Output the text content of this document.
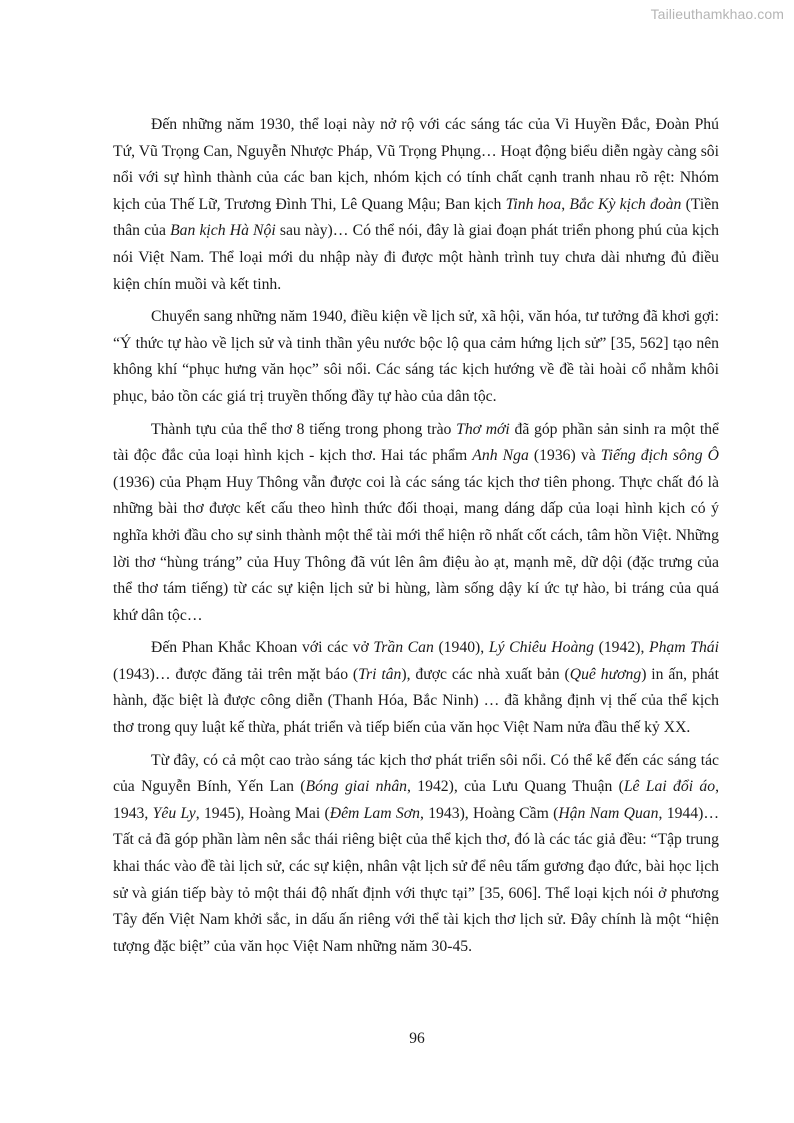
Tailieuthamkhao.com

Đến những năm 1930, thể loại này nở rộ với các sáng tác của Vi Huyền Đắc, Đoàn Phú Tứ, Vũ Trọng Can, Nguyễn Nhược Pháp, Vũ Trọng Phụng… Hoạt động biểu diễn ngày càng sôi nổi với sự hình thành của các ban kịch, nhóm kịch có tính chất cạnh tranh nhau rõ rệt: Nhóm kịch của Thế Lữ, Trương Đình Thi, Lê Quang Mậu; Ban kịch Tinh hoa, Bắc Kỳ kịch đoàn (Tiền thân của Ban kịch Hà Nội sau này)… Có thể nói, đây là giai đoạn phát triển phong phú của kịch nói Việt Nam. Thể loại mới du nhập này đi được một hành trình tuy chưa dài nhưng đủ điều kiện chín muồi và kết tinh.

Chuyển sang những năm 1940, điều kiện về lịch sử, xã hội, văn hóa, tư tưởng đã khơi gợi: “Ý thức tự hào về lịch sử và tinh thần yêu nước bộc lộ qua cảm hứng lịch sử” [35, 562] tạo nên không khí “phục hưng văn học” sôi nổi. Các sáng tác kịch hướng về đề tài hoài cổ nhằm khôi phục, bảo tồn các giá trị truyền thống đầy tự hào của dân tộc.

Thành tựu của thể thơ 8 tiếng trong phong trào Thơ mới đã góp phần sản sinh ra một thể tài độc đắc của loại hình kịch - kịch thơ. Hai tác phẩm Anh Nga (1936) và Tiếng địch sông Ô (1936) của Phạm Huy Thông vẫn được coi là các sáng tác kịch thơ tiên phong. Thực chất đó là những bài thơ được kết cấu theo hình thức đối thoại, mang dáng dấp của loại hình kịch có ý nghĩa khởi đầu cho sự sinh thành một thể tài mới thể hiện rõ nhất cốt cách, tâm hồn Việt. Những lời thơ “hùng tráng” của Huy Thông đã vút lên âm điệu ào ạt, mạnh mẽ, dữ dội (đặc trưng của thể thơ tám tiếng) từ các sự kiện lịch sử bi hùng, làm sống dậy kí ức tự hào, bi tráng của quá khứ dân tộc…

Đến Phan Khắc Khoan với các vở Trần Can (1940), Lý Chiêu Hoàng (1942), Phạm Thái (1943)… được đăng tải trên mặt báo (Tri tân), được các nhà xuất bản (Quê hương) in ấn, phát hành, đặc biệt là được công diễn (Thanh Hóa, Bắc Ninh) … đã khẳng định vị thế của thể kịch thơ trong quy luật kế thừa, phát triển và tiếp biến của văn học Việt Nam nửa đầu thế kỷ XX.

Từ đây, có cả một cao trào sáng tác kịch thơ phát triển sôi nổi. Có thể kể đến các sáng tác của Nguyễn Bính, Yến Lan (Bóng giai nhân, 1942), của Lưu Quang Thuận (Lê Lai đổi áo, 1943, Yêu Ly, 1945), Hoàng Mai (Đêm Lam Sơn, 1943), Hoàng Cầm (Hận Nam Quan, 1944)… Tất cả đã góp phần làm nên sắc thái riêng biệt của thể kịch thơ, đó là các tác giả đều: “Tập trung khai thác vào đề tài lịch sử, các sự kiện, nhân vật lịch sử để nêu tấm gương đạo đức, bài học lịch sử và gián tiếp bày tỏ một thái độ nhất định với thực tại” [35, 606]. Thể loại kịch nói ở phương Tây đến Việt Nam khởi sắc, in dấu ấn riêng với thể tài kịch thơ lịch sử. Đây chính là một “hiện tượng đặc biệt” của văn học Việt Nam những năm 30-45.

96
